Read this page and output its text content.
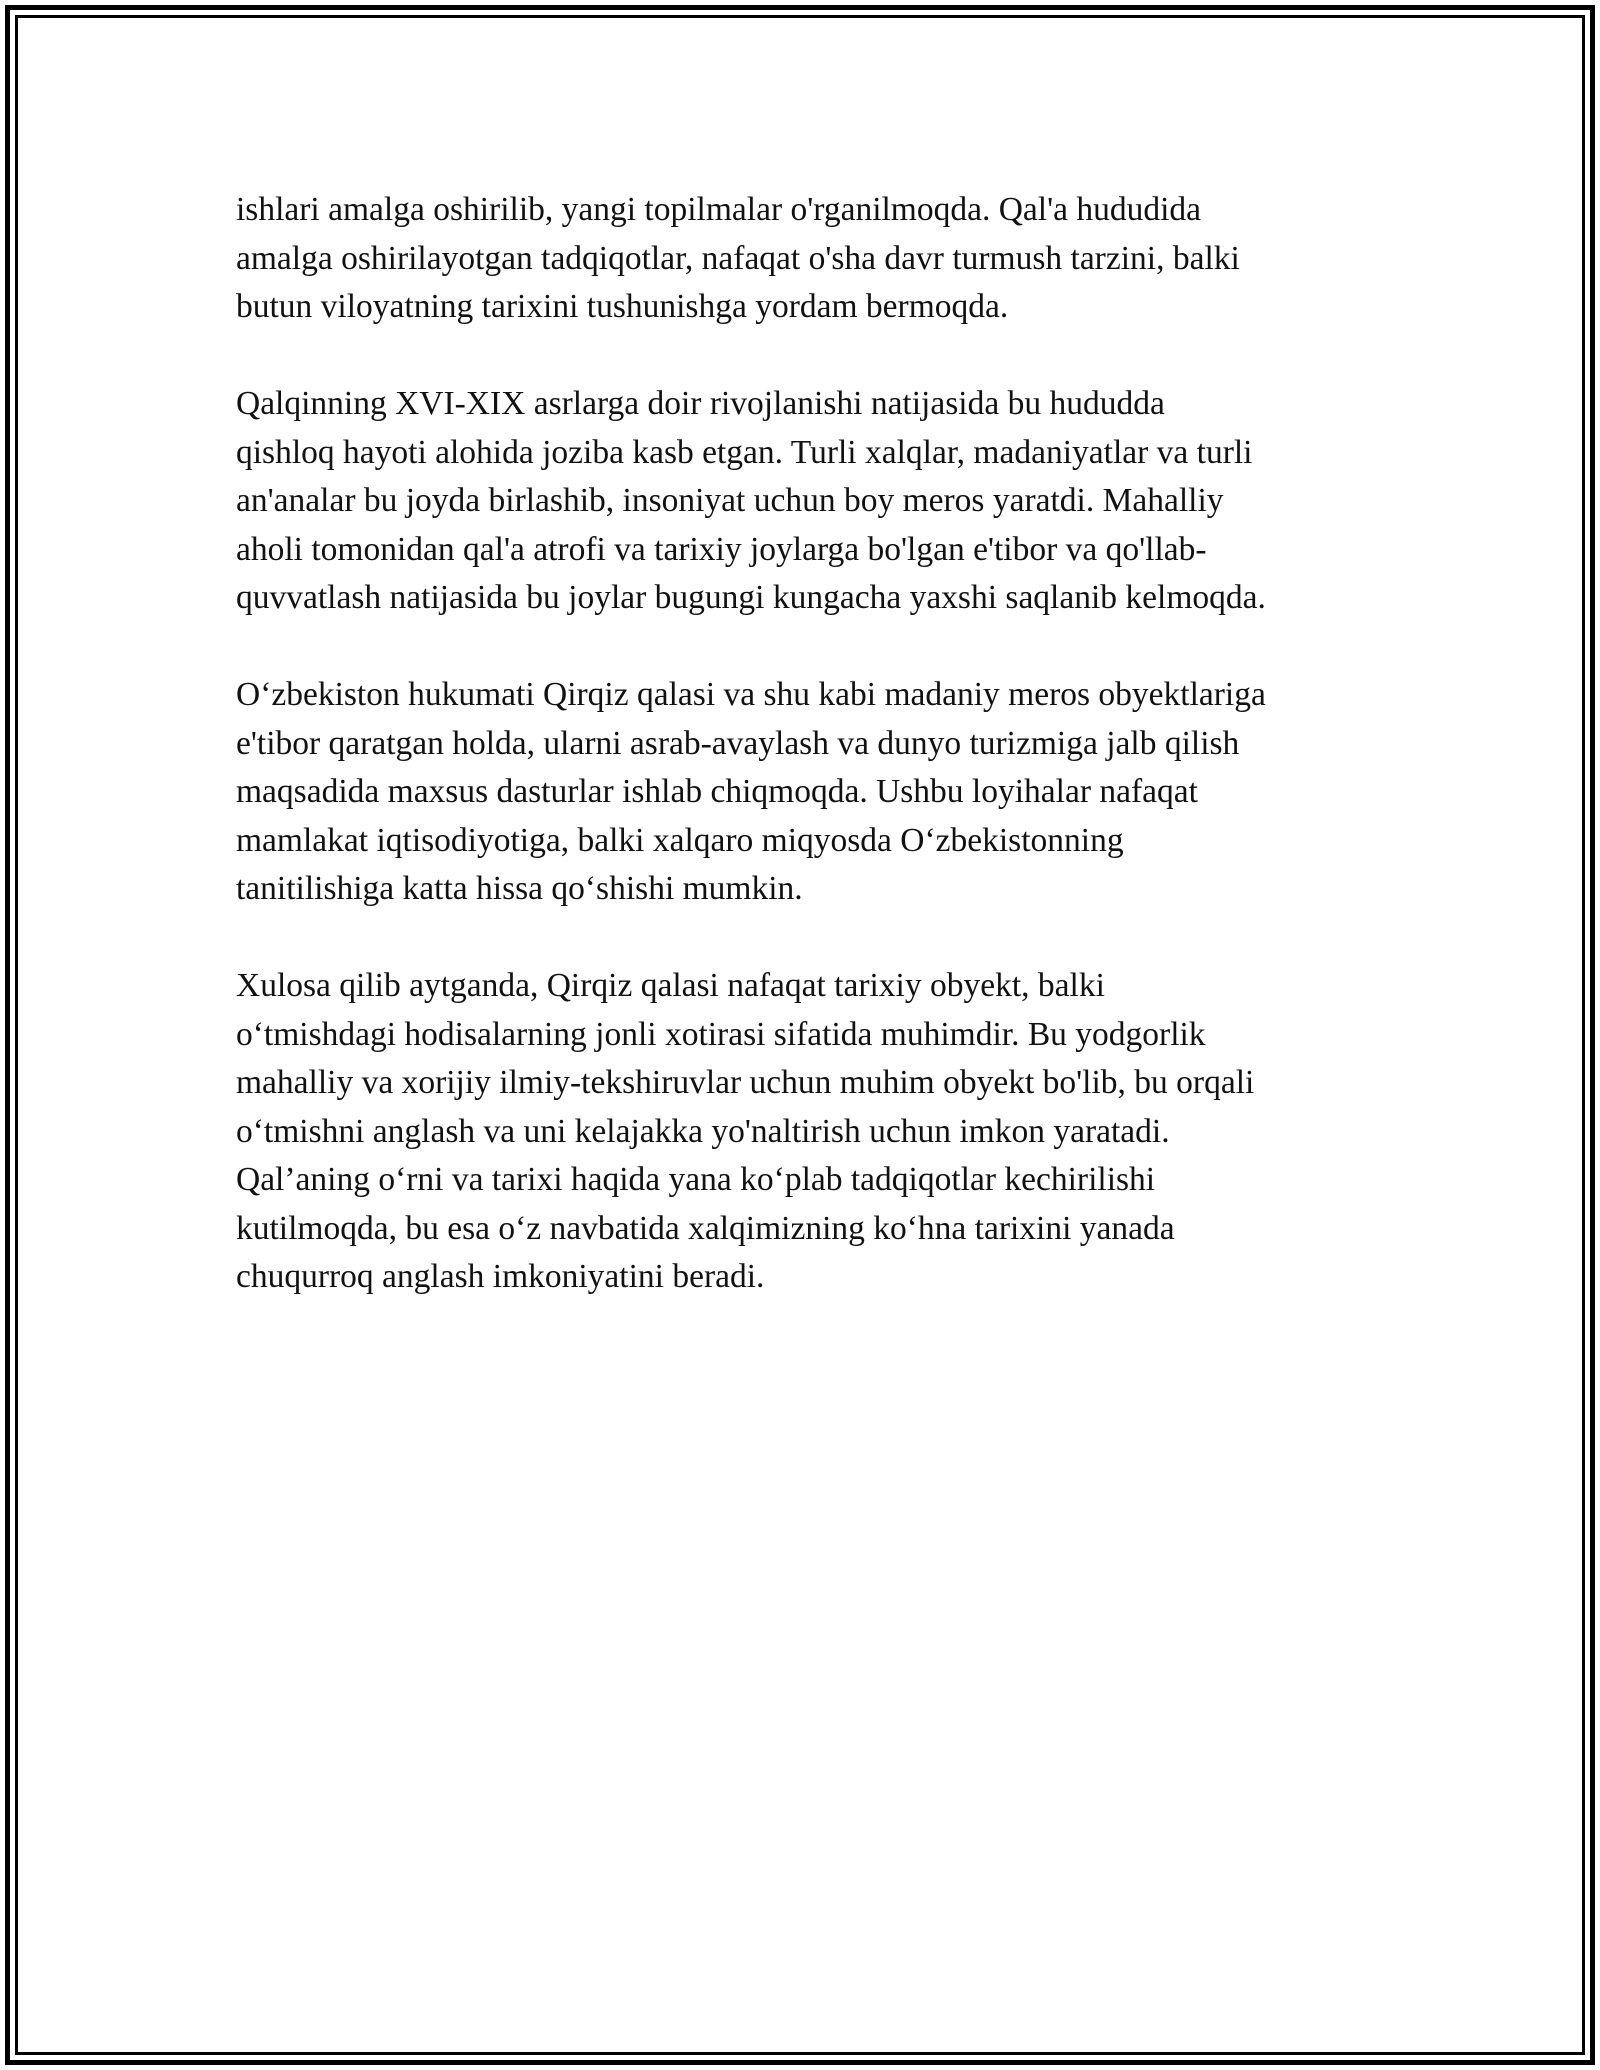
ishlari amalga oshirilib, yangi topilmalar o'rganilmoqda. Qal'a hududida
amalga oshirilayotgan tadqiqotlar, nafaqat o'sha davr turmush tarzini, balki
butun viloyatning tarixini tushunishga yordam bermoqda.

Qalqinning XVI-XIX asrlarga doir rivojlanishi natijasida bu hududda
qishloq hayoti alohida joziba kasb etgan. Turli xalqlar, madaniyatlar va turli
an'analar bu joyda birlashib, insoniyat uchun boy meros yaratdi. Mahalliy
aholi tomonidan qal'a atrofi va tarixiy joylarga bo'lgan e'tibor va qo'llab-
quvvatlash natijasida bu joylar bugungi kungacha yaxshi saqlanib kelmoqda.

O‘zbekiston hukumati Qirqiz qalasi va shu kabi madaniy meros obyektlariga
e'tibor qaratgan holda, ularni asrab-avaylash va dunyo turizmiga jalb qilish
maqsadida maxsus dasturlar ishlab chiqmoqda. Ushbu loyihalar nafaqat
mamlakat iqtisodiyotiga, balki xalqaro miqyosda O‘zbekistonning
tanitilishiga katta hissa qo‘shishi mumkin.

Xulosa qilib aytganda, Qirqiz qalasi nafaqat tarixiy obyekt, balki
o‘tmishdagi hodisalarning jonli xotirasi sifatida muhimdir. Bu yodgorlik
mahalliy va xorijiy ilmiy-tekshiruvlar uchun muhim obyekt bo'lib, bu orqali
o‘tmishni anglash va uni kelajakka yo'naltirish uchun imkon yaratadi.
Qal’aning o‘rni va tarixi haqida yana ko‘plab tadqiqotlar kechirilishi
kutilmoqda, bu esa o‘z navbatida xalqimizning ko‘hna tarixini yanada
chuqurroq anglash imkoniyatini beradi.
